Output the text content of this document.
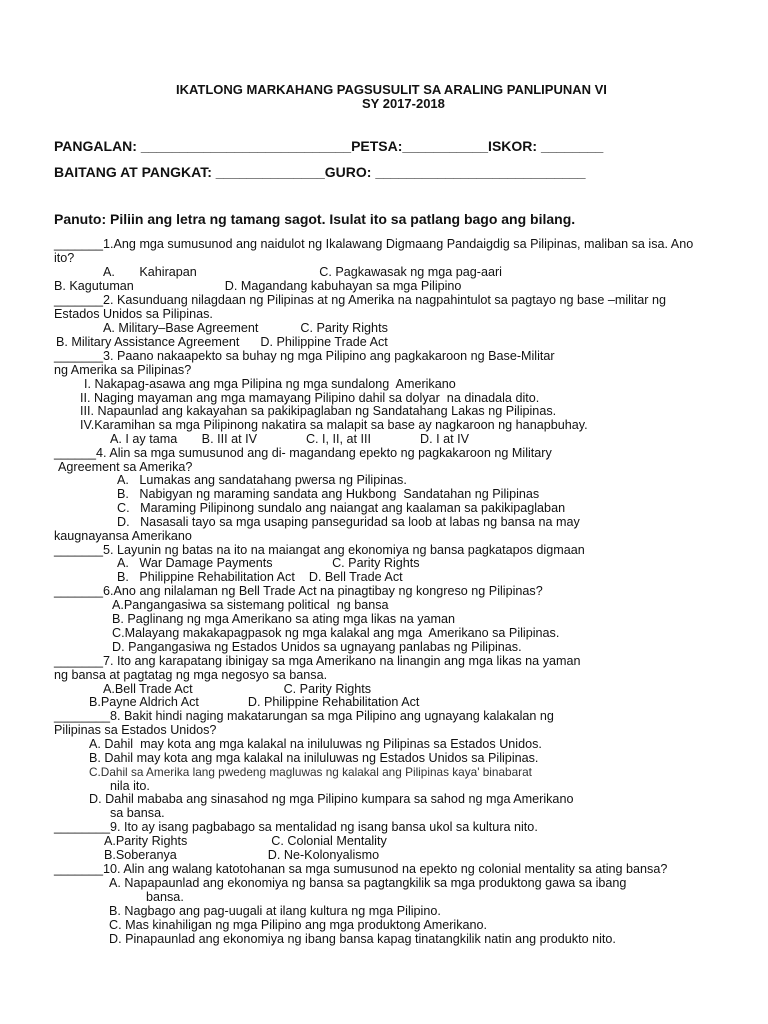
IKATLONG MARKAHANG PAGSUSULIT SA ARALING PANLIPUNAN VI
SY 2017-2018
PANGALAN: ___________________________PETSA:___________ISKOR: ________
BAITANG AT PANGKAT: ______________GURO: ___________________________
Panuto: Piliin ang letra ng tamang sagot. Isulat ito sa patlang bago ang bilang.
_______1.Ang mga sumusunod ang naidulot ng Ikalawang Digmaang Pandaigdig sa Pilipinas, maliban sa isa. Ano
ito?
A.       Kahirapan                                   C. Pagkawasak ng mga pag-aari
B. Kagutuman                          D. Magandang kabuhayan sa mga Pilipino
_______2. Kasunduang nilagdaan ng Pilipinas at ng Amerika na nagpahintulot sa pagtayo ng base –militar ng
Estados Unidos sa Pilipinas.
A. Military–Base Agreement            C. Parity Rights
B. Military Assistance Agreement      D. Philippine Trade Act
_______3. Paano nakaapekto sa buhay ng mga Pilipino ang pagkakaroon ng Base-Militar
ng Amerika sa Pilipinas?
I. Nakapag-asawa ang mga Pilipina ng mga sundalong  Amerikano
II. Naging mayaman ang mga mamayang Pilipino dahil sa dolyar  na dinadala dito.
III. Napaunlad ang kakayahan sa pakikipaglaban ng Sandatahang Lakas ng Pilipinas.
IV.Karamihan sa mga Pilipinong nakatira sa malapit sa base ay nagkaroon ng hanapbuhay.
A. I ay tama       B. III at IV              C. I, II, at III              D. I at IV
______4. Alin sa mga sumusunod ang di- magandang epekto ng pagkakaroon ng Military
Agreement sa Amerika?
A.   Lumakas ang sandatahang pwersa ng Pilipinas.
B.   Nabigyan ng maraming sandata ang Hukbong  Sandatahan ng Pilipinas
C.   Maraming Pilipinong sundalo ang naiangat ang kaalaman sa pakikipaglaban
D.   Nasasali tayo sa mga usaping panseguridad sa loob at labas ng bansa na may
kaugnayansa Amerikano
_______5. Layunin ng batas na ito na maiangat ang ekonomiya ng bansa pagkatapos digmaan
A.   War Damage Payments                 C. Parity Rights
B.   Philippine Rehabilitation Act    D. Bell Trade Act
_______6.Ano ang nilalaman ng Bell Trade Act na pinagtibay ng kongreso ng Pilipinas?
A.Pangangasiwa sa sistemang political  ng bansa
B. Paglinang ng mga Amerikano sa ating mga likas na yaman
C.Malayang makakapagpasok ng mga kalakal ang mga  Amerikano sa Pilipinas.
D. Pangangasiwa ng Estados Unidos sa ugnayang panlabas ng Pilipinas.
_______7. Ito ang karapatang ibinigay sa mga Amerikano na linangin ang mga likas na yaman
ng bansa at pagtatag ng mga negosyo sa bansa.
A.Bell Trade Act                          C. Parity Rights
B.Payne Aldrich Act              D. Philippine Rehabilitation Act
________8. Bakit hindi naging makatarungan sa mga Pilipino ang ugnayang kalakalan ng
Pilipinas sa Estados Unidos?
A. Dahil  may kota ang mga kalakal na iniluluwas ng Pilipinas sa Estados Unidos.
B. Dahil may kota ang mga kalakal na iniluluwas ng Estados Unidos sa Pilipinas.
C.Dahil sa Amerika lang pwedeng magluwas ng kalakal ang Pilipinas kaya' binabarat
nila ito.
D. Dahil mababa ang sinasahod ng mga Pilipino kumpara sa sahod ng mga Amerikano
sa bansa.
________9. Ito ay isang pagbabago sa mentalidad ng isang bansa ukol sa kultura nito.
A.Parity Rights                        C. Colonial Mentality
B.Soberanya                          D. Ne-Kolonyalismo
_______10. Alin ang walang katotohanan sa mga sumusunod na epekto ng colonial mentality sa ating bansa?
A. Napapaunlad ang ekonomiya ng bansa sa pagtangkilik sa mga produktong gawa sa ibang
bansa.
B. Nagbago ang pag-uugali at ilang kultura ng mga Pilipino.
C. Mas kinahiligan ng mga Pilipino ang mga produktong Amerikano.
D. Pinapaunlad ang ekonomiya ng ibang bansa kapag tinatangkilik natin ang produkto nito.
